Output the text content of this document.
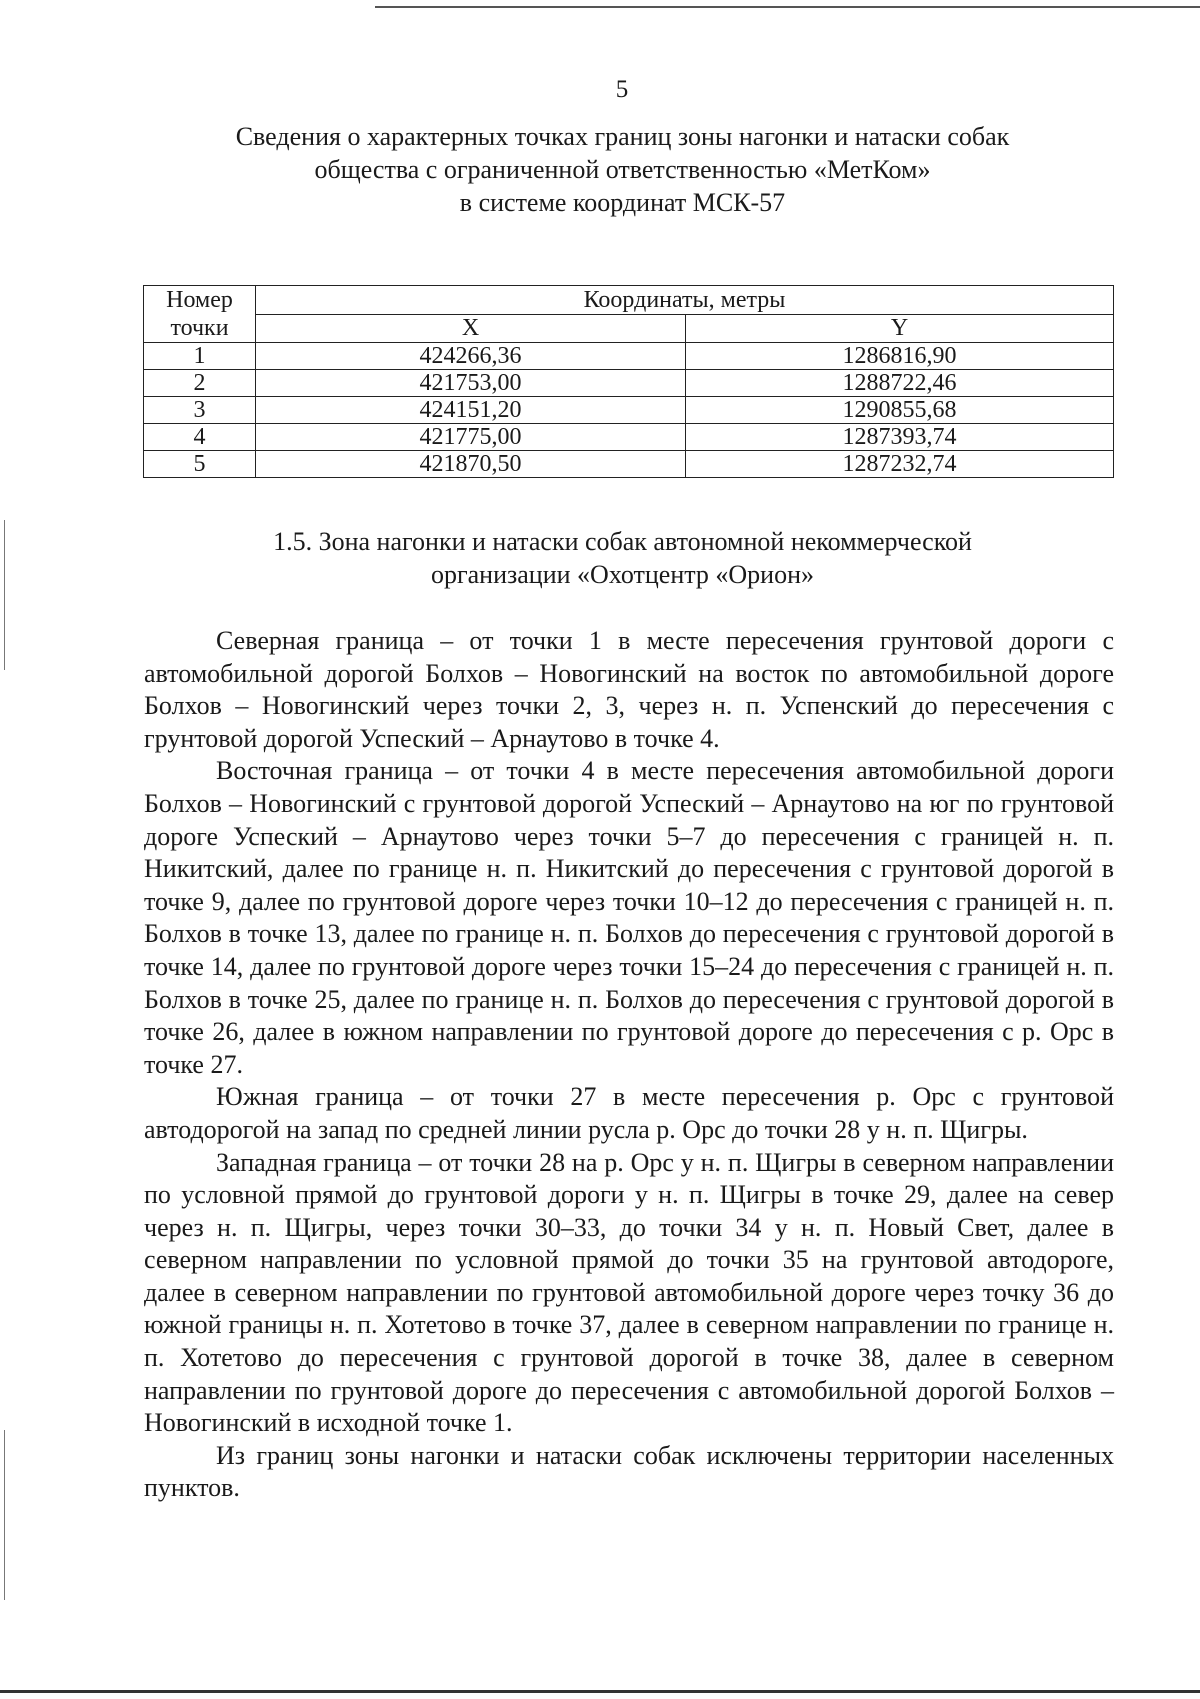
5
Сведения о характерных точках границ зоны нагонки и натаски собак
общества с ограниченной ответственностью «МетКом»
в системе координат МСК-57
Номер точки	Координаты, метры	
	X	Y
1	424266,36	1286816,90
2	421753,00	1288722,46
3	424151,20	1290855,68
4	421775,00	1287393,74
5	421870,50	1287232,74
1.5. Зона нагонки и натаски собак автономной некоммерческой
организации «Охотцентр «Орион»

Северная граница – от точки 1 в месте пересечения грунтовой дороги с автомобильной дорогой Болхов – Новогинский на восток по автомобильной дороге Болхов – Новогинский через точки 2, 3, через н. п. Успенский до пересечения с грунтовой дорогой Успеский – Арнаутово в точке 4.

Восточная граница – от точки 4 в месте пересечения автомобильной дороги Болхов – Новогинский с грунтовой дорогой Успеский – Арнаутово на юг по грунтовой дороге Успеский – Арнаутово через точки 5–7 до пересечения с границей н. п. Никитский, далее по границе н. п. Никитский до пересечения с грунтовой дорогой в точке 9, далее по грунтовой дороге через точки 10–12 до пересечения с границей н. п. Болхов в точке 13, далее по границе н. п. Болхов до пересечения с грунтовой дорогой в точке 14, далее по грунтовой дороге через точки 15–24 до пересечения с границей н. п. Болхов в точке 25, далее по границе н. п. Болхов до пересечения с грунтовой дорогой в точке 26, далее в южном направлении по грунтовой дороге до пересечения с р. Орс в точке 27.

Южная граница – от точки 27 в месте пересечения р. Орс с грунтовой автодорогой на запад по средней линии русла р. Орс до точки 28 у н. п. Щигры.

Западная граница – от точки 28 на р. Орс у н. п. Щигры в северном направлении по условной прямой до грунтовой дороги у н. п. Щигры в точке 29, далее на север через н. п. Щигры, через точки 30–33, до точки 34 у н. п. Новый Свет, далее в северном направлении по условной прямой до точки 35 на грунтовой автодороге, далее в северном направлении по грунтовой автомобильной дороге через точку 36 до южной границы н. п. Хотетово в точке 37, далее в северном направлении по границе н. п. Хотетово до пересечения с грунтовой дорогой в точке 38, далее в северном направлении по грунтовой дороге до пересечения с автомобильной дорогой Болхов – Новогинский в исходной точке 1.

Из границ зоны нагонки и натаски собак исключены территории населенных пунктов.
